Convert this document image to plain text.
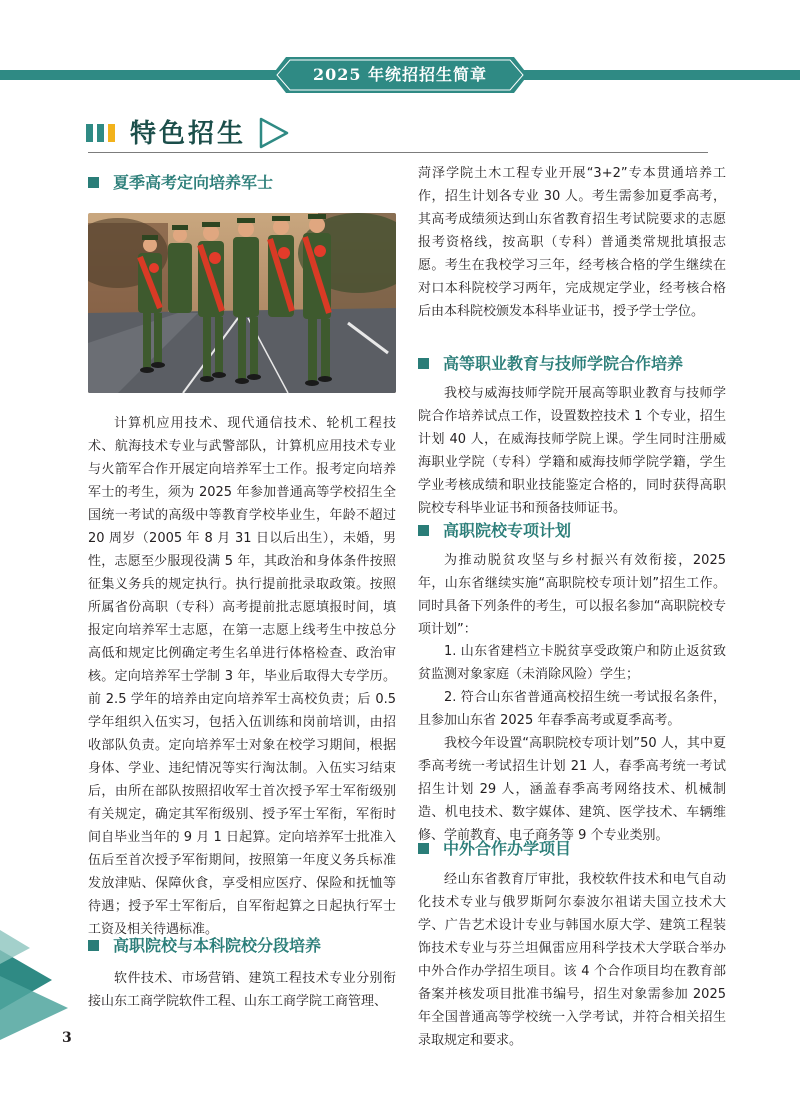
2025 年统招招生简章
特色招生
夏季高考定向培养军士
计算机应用技术、现代通信技术、轮机工程技术、航海技术专业与武警部队，计算机应用技术专业与火箭军合作开展定向培养军士工作。报考定向培养军士的考生，须为 2025 年参加普通高等学校招生全国统一考试的高级中等教育学校毕业生，年龄不超过 20 周岁（2005 年 8 月 31 日以后出生），未婚，男性，志愿至少服现役满 5 年，其政治和身体条件按照征集义务兵的规定执行。执行提前批录取政策。按照所属省份高职（专科）高考提前批志愿填报时间，填报定向培养军士志愿，在第一志愿上线考生中按总分高低和规定比例确定考生名单进行体格检查、政治审核。定向培养军士学制 3 年，毕业后取得大专学历。前 2.5 学年的培养由定向培养军士高校负责；后 0.5 学年组织入伍实习，包括入伍训练和岗前培训，由招收部队负责。定向培养军士对象在校学习期间，根据身体、学业、违纪情况等实行淘汰制。入伍实习结束后，由所在部队按照招收军士首次授予军士军衔级别有关规定，确定其军衔级别、授予军士军衔，军衔时间自毕业当年的 9 月 1 日起算。定向培养军士批准入伍后至首次授予军衔期间，按照第一年度义务兵标准发放津贴、保障伙食，享受相应医疗、保险和抚恤等待遇；授予军士军衔后，自军衔起算之日起执行军士工资及相关待遇标准。
高职院校与本科院校分段培养
软件技术、市场营销、建筑工程技术专业分别衔接山东工商学院软件工程、山东工商学院工商管理、
菏泽学院土木工程专业开展“3+2”专本贯通培养工作，招生计划各专业 30 人。考生需参加夏季高考，其高考成绩须达到山东省教育招生考试院要求的志愿报考资格线，按高职（专科）普通类常规批填报志愿。考生在我校学习三年，经考核合格的学生继续在对口本科院校学习两年，完成规定学业，经考核合格后由本科院校颁发本科毕业证书，授予学士学位。
高等职业教育与技师学院合作培养
我校与威海技师学院开展高等职业教育与技师学院合作培养试点工作，设置数控技术 1 个专业，招生计划 40 人，在威海技师学院上课。学生同时注册威海职业学院（专科）学籍和威海技师学院学籍，学生学业考核成绩和职业技能鉴定合格的，同时获得高职院校专科毕业证书和预备技师证书。
高职院校专项计划
为推动脱贫攻坚与乡村振兴有效衔接，2025 年，山东省继续实施“高职院校专项计划”招生工作。同时具备下列条件的考生，可以报名参加“高职院校专项计划”：
1. 山东省建档立卡脱贫享受政策户和防止返贫致贫监测对象家庭（未消除风险）学生；
2. 符合山东省普通高校招生统一考试报名条件，且参加山东省 2025 年春季高考或夏季高考。
我校今年设置“高职院校专项计划”50 人，其中夏季高考统一考试招生计划 21 人，春季高考统一考试招生计划 29 人，涵盖春季高考网络技术、机械制造、机电技术、数字媒体、建筑、医学技术、车辆维修、学前教育、电子商务等 9 个专业类别。
中外合作办学项目
经山东省教育厅审批，我校软件技术和电气自动化技术专业与俄罗斯阿尔泰波尔祖诺夫国立技术大学、广告艺术设计专业与韩国水原大学、建筑工程装饰技术专业与芬兰坦佩雷应用科学技术大学联合举办中外合作办学招生项目。该 4 个合作项目均在教育部备案并核发项目批准书编号，招生对象需参加 2025 年全国普通高等学校统一入学考试，并符合相关招生录取规定和要求。
3
